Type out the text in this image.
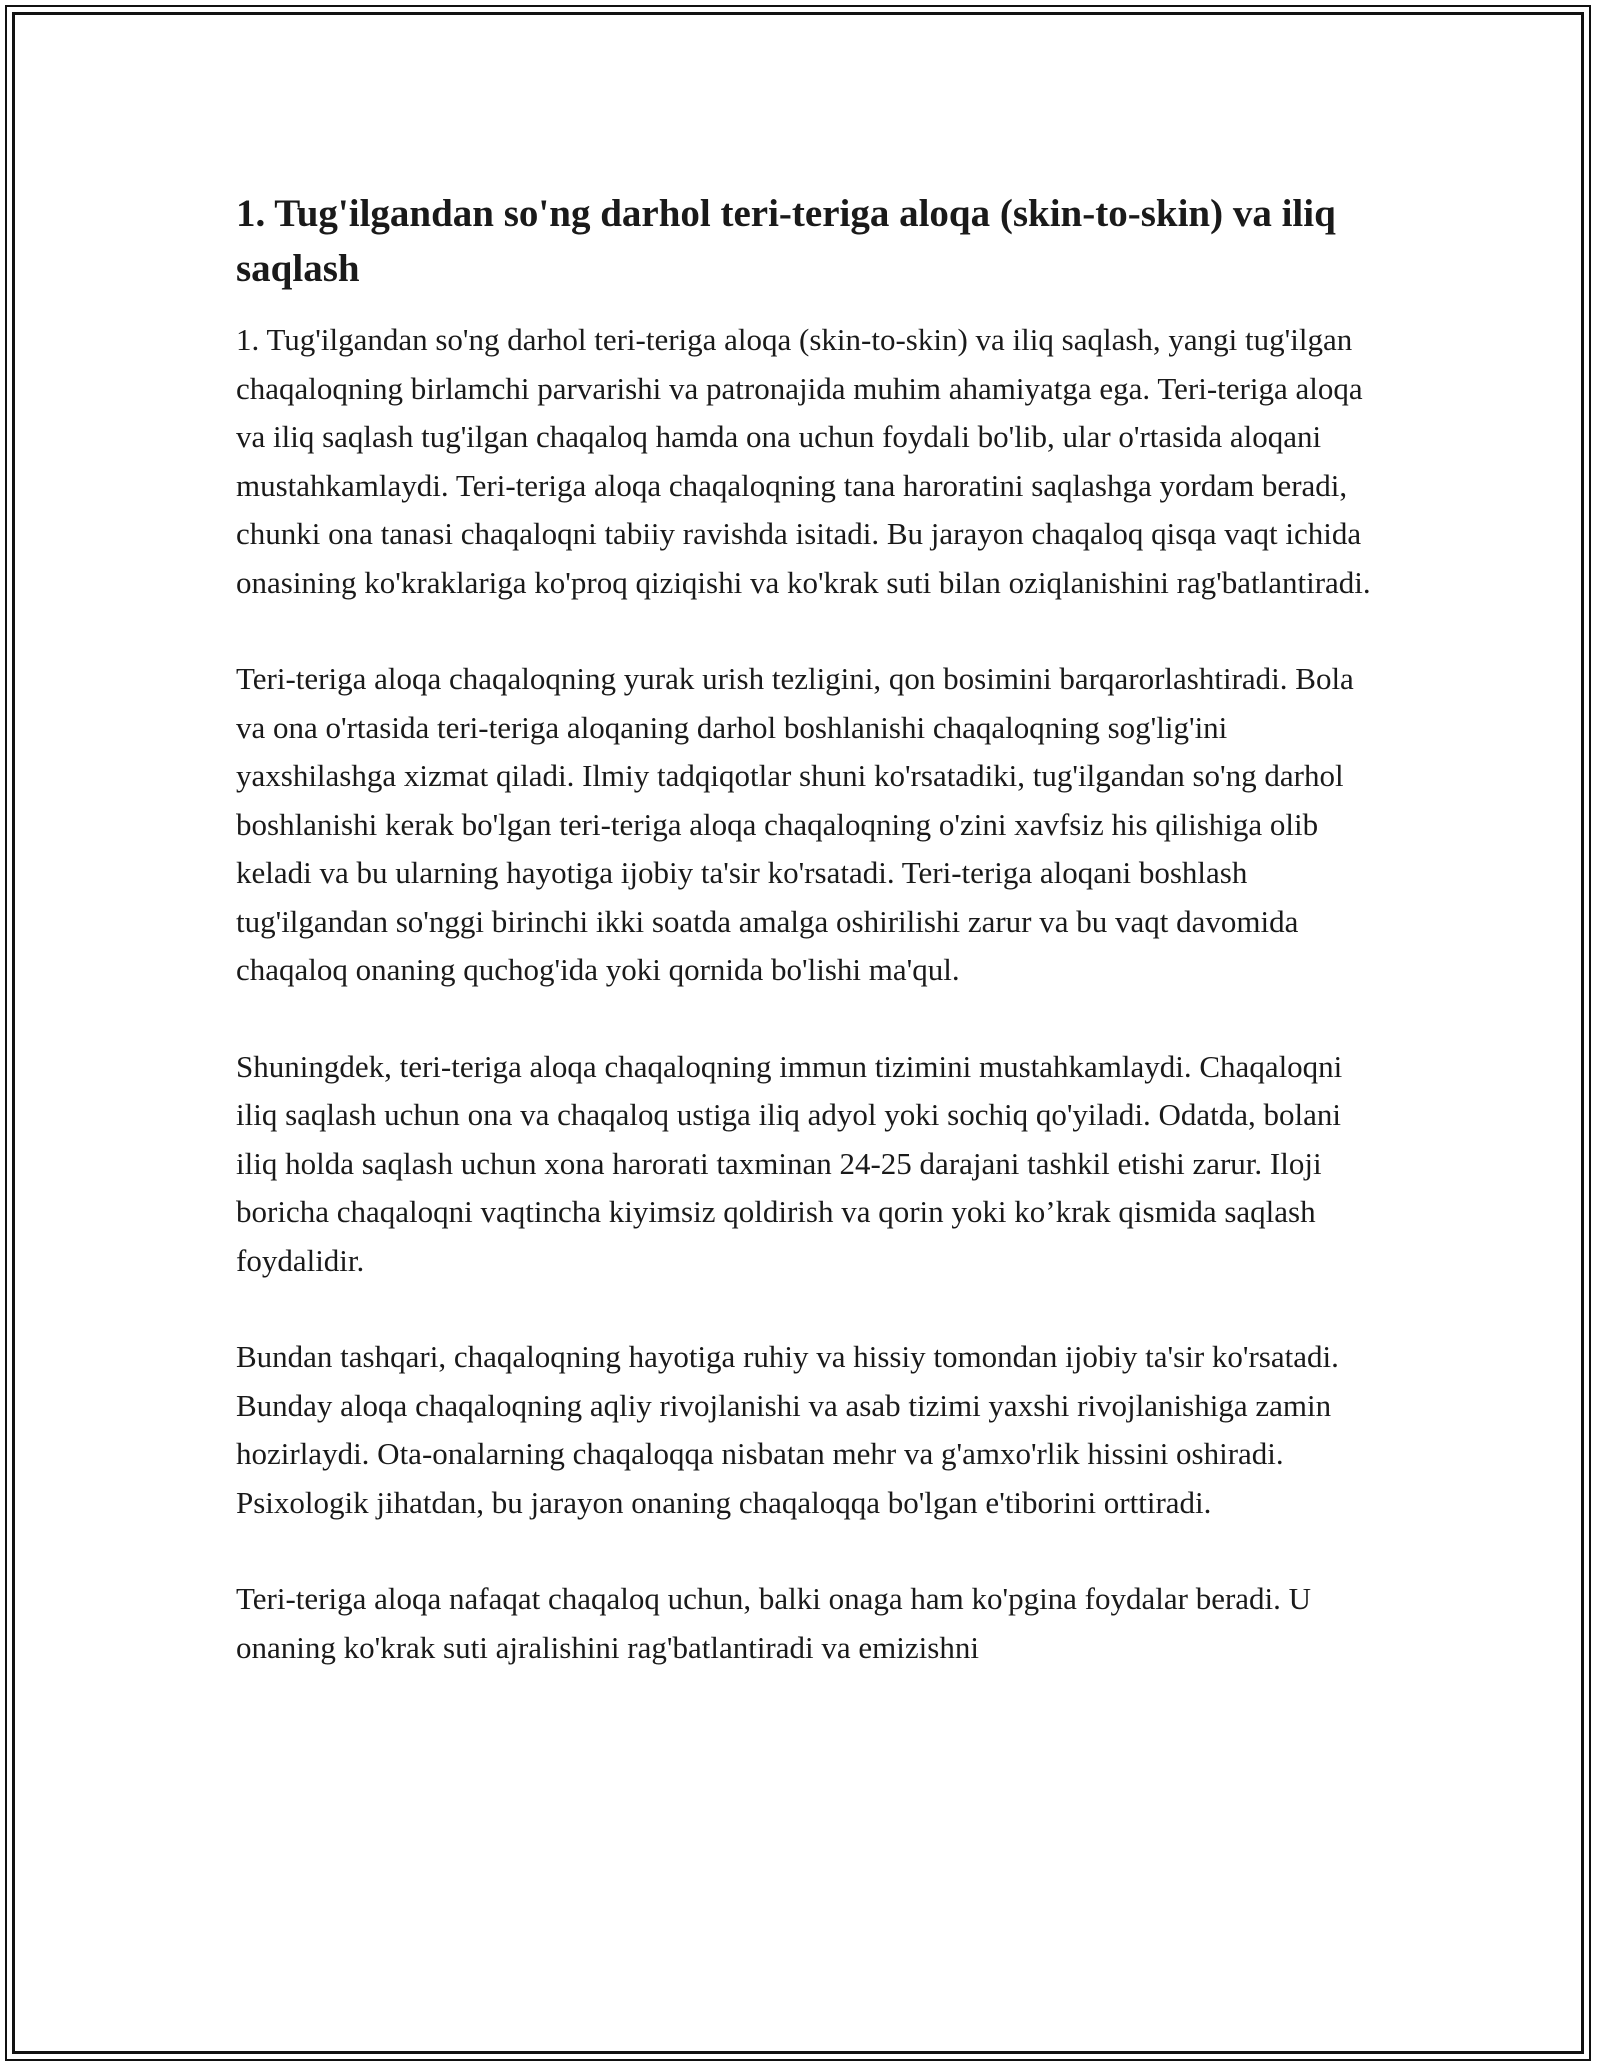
1. Tug'ilgandan so'ng darhol teri-teriga aloqa (skin-to-skin) va iliq saqlash

1. Tug'ilgandan so'ng darhol teri-teriga aloqa (skin-to-skin) va iliq saqlash, yangi tug'ilgan chaqaloqning birlamchi parvarishi va patronajida muhim ahamiyatga ega. Teri-teriga aloqa va iliq saqlash tug'ilgan chaqaloq hamda ona uchun foydali bo'lib, ular o'rtasida aloqani mustahkamlaydi. Teri-teriga aloqa chaqaloqning tana haroratini saqlashga yordam beradi, chunki ona tanasi chaqaloqni tabiiy ravishda isitadi. Bu jarayon chaqaloq qisqa vaqt ichida onasining ko'kraklariga ko'proq qiziqishi va ko'krak suti bilan oziqlanishini rag'batlantiradi.

Teri-teriga aloqa chaqaloqning yurak urish tezligini, qon bosimini barqarorlashtiradi. Bola va ona o'rtasida teri-teriga aloqaning darhol boshlanishi chaqaloqning sog'lig'ini yaxshilashga xizmat qiladi. Ilmiy tadqiqotlar shuni ko'rsatadiki, tug'ilgandan so'ng darhol boshlanishi kerak bo'lgan teri-teriga aloqa chaqaloqning o'zini xavfsiz his qilishiga olib keladi va bu ularning hayotiga ijobiy ta'sir ko'rsatadi. Teri-teriga aloqani boshlash tug'ilgandan so'nggi birinchi ikki soatda amalga oshirilishi zarur va bu vaqt davomida chaqaloq onaning quchog'ida yoki qornida bo'lishi ma'qul.

Shuningdek, teri-teriga aloqa chaqaloqning immun tizimini mustahkamlaydi. Chaqaloqni iliq saqlash uchun ona va chaqaloq ustiga iliq adyol yoki sochiq qo'yiladi. Odatda, bolani iliq holda saqlash uchun xona harorati taxminan 24-25 darajani tashkil etishi zarur. Iloji boricha chaqaloqni vaqtincha kiyimsiz qoldirish va qorin yoki ko’krak qismida saqlash foydalidir.

Bundan tashqari, chaqaloqning hayotiga ruhiy va hissiy tomondan ijobiy ta'sir ko'rsatadi. Bunday aloqa chaqaloqning aqliy rivojlanishi va asab tizimi yaxshi rivojlanishiga zamin hozirlaydi. Ota-onalarning chaqaloqqa nisbatan mehr va g'amxo'rlik hissini oshiradi. Psixologik jihatdan, bu jarayon onaning chaqaloqqa bo'lgan e'tiborini orttiradi.

Teri-teriga aloqa nafaqat chaqaloq uchun, balki onaga ham ko'pgina foydalar beradi. U onaning ko'krak suti ajralishini rag'batlantiradi va emizishni
